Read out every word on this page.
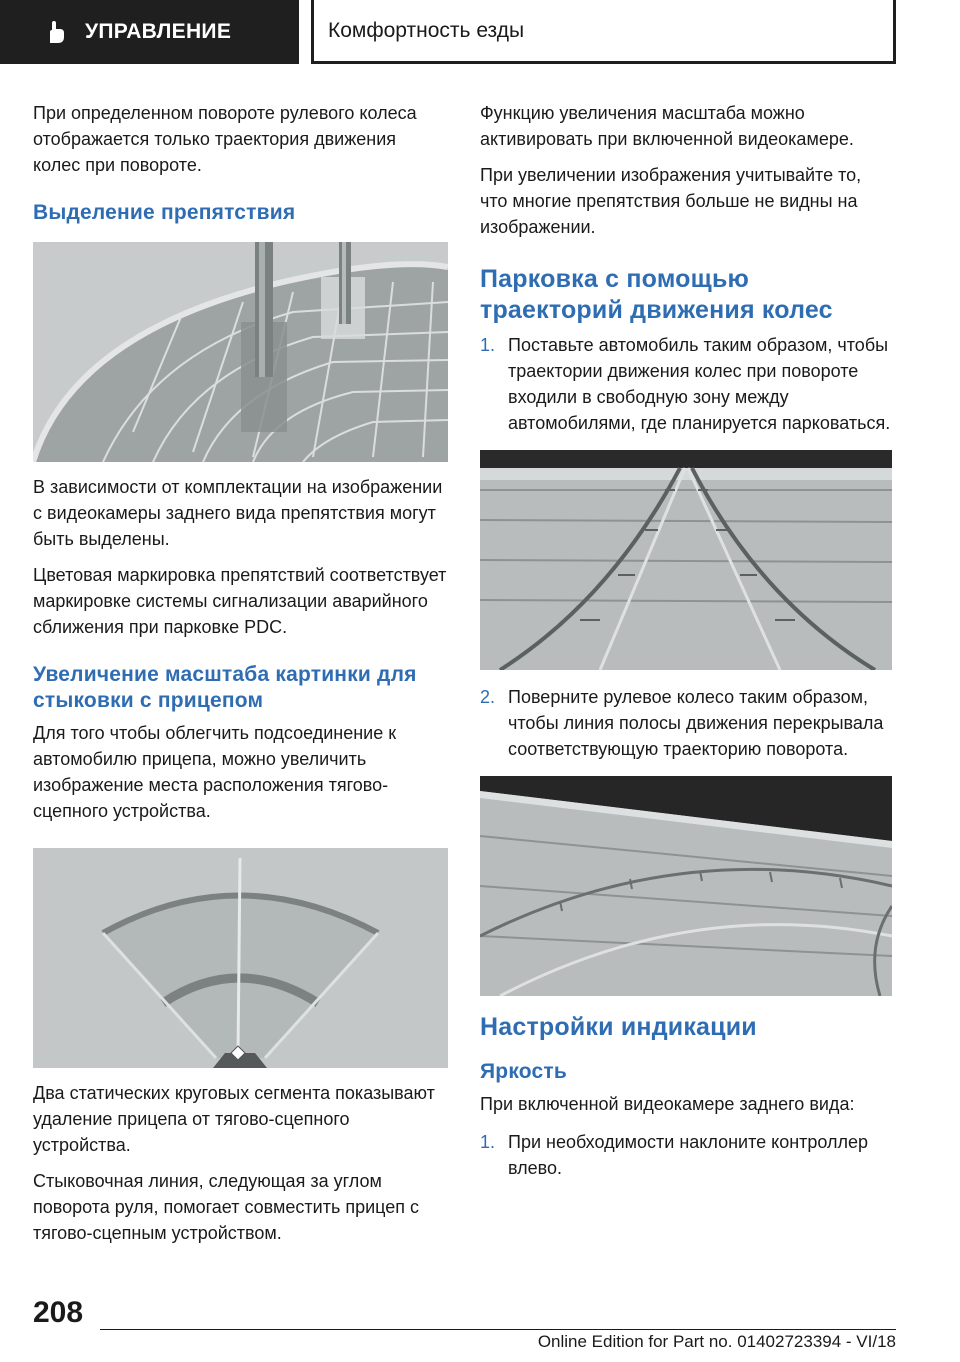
УПРАВЛЕНИЕ	Комфортность езды

При определенном повороте рулевого колеса отображается только траектория движения колес при повороте.

Выделение препятствия

В зависимости от комплектации на изображении с видеокамеры заднего вида препятствия могут быть выделены.

Цветовая маркировка препятствий соответствует маркировке системы сигнализации аварийного сближения при парковке PDC.

Увеличение масштаба картинки для стыковки с прицепом

Для того чтобы облегчить подсоединение к автомобилю прицепа, можно увеличить изображение места расположения тягово-сцепного устройства.

Два статических круговых сегмента показывают удаление прицепа от тягово-сцепного устройства.

Стыковочная линия, следующая за углом поворота руля, помогает совместить прицеп с тягово-сцепным устройством.

Функцию увеличения масштаба можно активировать при включенной видеокамере.

При увеличении изображения учитывайте то, что многие препятствия больше не видны на изображении.

Парковка с помощью траекторий движения колес
1. Поставьте автомобиль таким образом, чтобы траектории движения колес при повороте входили в свободную зону между автомобилями, где планируется парковаться.
2. Поверните рулевое колесо таким образом, чтобы линия полосы движения перекрывала соответствующую траекторию поворота.
Настройки индикации
Яркость

При включенной видеокамере заднего вида:

1. При необходимости наклоните контроллер влево.
208
Online Edition for Part no. 01402723394 - VI/18
